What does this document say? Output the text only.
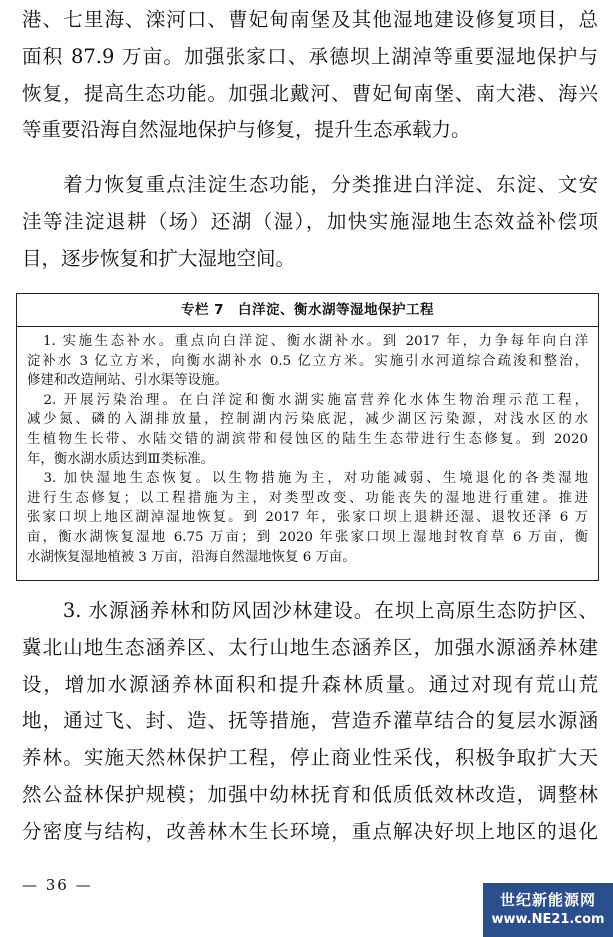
港、七里海、滦河口、曹妃甸南堡及其他湿地建设修复项目，总
面积 87.9 万亩。加强张家口、承德坝上湖淖等重要湿地保护与
恢复，提高生态功能。加强北戴河、曹妃甸南堡、南大港、海兴

等重要沿海自然湿地保护与修复，提升生态承载力。
　　着力恢复重点洼淀生态功能，分类推进白洋淀、东淀、文安
洼等洼淀退耕（场）还湖（湿），加快实施湿地生态效益补偿项

目，逐步恢复和扩大湿地空间。
专栏 7　白洋淀、衡水湖等湿地保护工程

　1. 实施生态补水。重点向白洋淀、衡水湖补水。到 2017 年，力争每年向白洋
淀补水 3 亿立方米，向衡水湖补水 0.5 亿立方米。实施引水河道综合疏浚和整治，

修建和改造闸站、引水渠等设施。

　2. 开展污染治理。在白洋淀和衡水湖实施富营养化水体生物治理示范工程，
减少氮、磷的入湖排放量，控制湖内污染底泥，减少湖区污染源，对浅水区的水
生植物生长带、水陆交错的湖滨带和侵蚀区的陆生生态带进行生态修复。到 2020

年，衡水湖水质达到Ⅲ类标准。

　3. 加快湿地生态恢复。以生物措施为主，对功能减弱、生境退化的各类湿地
进行生态修复；以工程措施为主，对类型改变、功能丧失的湿地进行重建。推进
张家口坝上地区湖淖湿地恢复。到 2017 年，张家口坝上退耕还湿、退牧还泽 6 万
亩，衡水湖恢复湿地 6.75 万亩；到 2020 年张家口坝上湿地封牧育草 6 万亩，衡

水湖恢复湿地植被 3 万亩，沿海自然湿地恢复 6 万亩。

　　3. 水源涵养林和防风固沙林建设。在坝上高原生态防护区、
冀北山地生态涵养区、太行山地生态涵养区，加强水源涵养林建
设，增加水源涵养林面积和提升森林质量。通过对现有荒山荒
地，通过飞、封、造、抚等措施，营造乔灌草结合的复层水源涵
养林。实施天然林保护工程，停止商业性采伐，积极争取扩大天
然公益林保护规模；加强中幼林抚育和低质低效林改造，调整林
分密度与结构，改善林木生长环境，重点解决好坝上地区的退化
— 36 —
世纪新能源网
www.NE21.com
